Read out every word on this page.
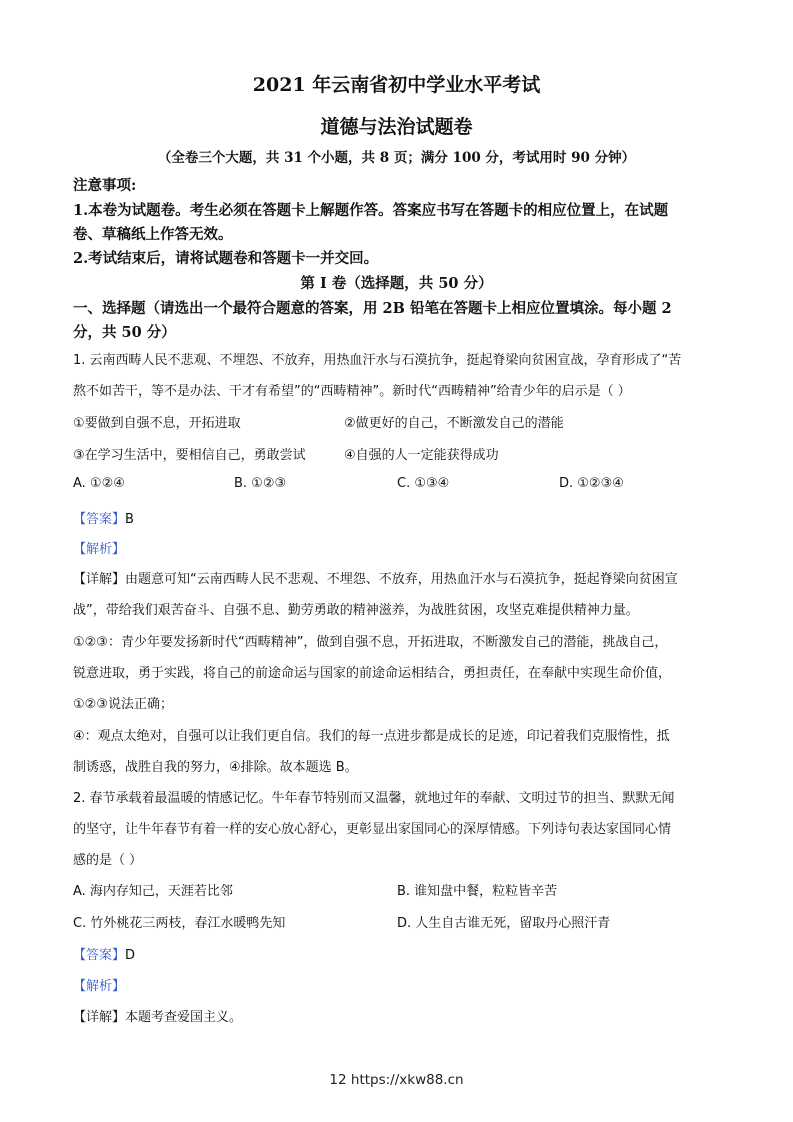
2021 年云南省初中学业水平考试
道德与法治试题卷
（全卷三个大题，共 31 个小题，共 8 页；满分 100 分，考试用时 90 分钟）
注意事项:
1.本卷为试题卷。考生必须在答题卡上解题作答。答案应书写在答题卡的相应位置上，在试题
卷、草稿纸上作答无效。
2.考试结束后，请将试题卷和答题卡一并交回。
第 I 卷（选择题，共 50 分）
一、选择题（请选出一个最符合题意的答案，用 2B 铅笔在答题卡上相应位置填涂。每小题 2
分，共 50 分）
1. 云南西畴人民不悲观、不埋怨、不放弃，用热血汗水与石漠抗争，挺起脊梁向贫困宣战，孕育形成了“苦
熬不如苦干，等不是办法、干才有希望”的“西畴精神”。新时代“西畴精神”给青少年的启示是（ ）
①要做到自强不息，开拓进取	②做更好的自己，不断激发自己的潜能
③在学习生活中，要相信自己，勇敢尝试	④自强的人一定能获得成功
A. ①②④	B. ①②③	C. ①③④	D. ①②③④
【答案】B
【解析】
【详解】由题意可知“云南西畴人民不悲观、不埋怨、不放弃，用热血汗水与石漠抗争，挺起脊梁向贫困宣
战”，带给我们艰苦奋斗、自强不息、勤劳勇敢的精神滋养，为战胜贫困，攻坚克难提供精神力量。
①②③：青少年要发扬新时代“西畴精神”，做到自强不息，开拓进取，不断激发自己的潜能，挑战自己，
锐意进取，勇于实践，将自己的前途命运与国家的前途命运相结合，勇担责任，在奉献中实现生命价值，
①②③说法正确；
④：观点太绝对，自强可以让我们更自信。我们的每一点进步都是成长的足迹，印记着我们克服惰性，抵
制诱惑，战胜自我的努力，④排除。故本题选 B。
2. 春节承载着最温暖的情感记忆。牛年春节特别而又温馨，就地过年的奉献、文明过节的担当、默默无闻
的坚守，让牛年春节有着一样的安心放心舒心，更彰显出家国同心的深厚情感。下列诗句表达家国同心情
感的是（ ）
A. 海内存知己，天涯若比邻	B. 谁知盘中餐，粒粒皆辛苦
C. 竹外桃花三两枝，春江水暖鸭先知	D. 人生自古谁无死，留取丹心照汗青
【答案】D
【解析】
【详解】本题考查爱国主义。
12 https://xkw88.cn
